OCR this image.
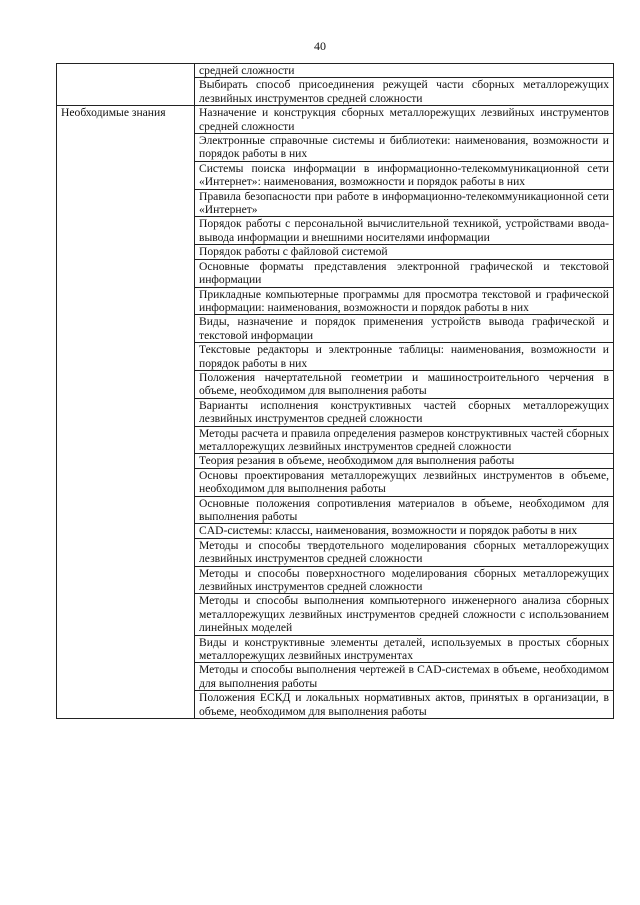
40
	средней сложности
	Выбирать способ присоединения режущей части сборных металлорежущих лезвийных инструментов средней сложности
Необходимые знания	Назначение и конструкция сборных металлорежущих лезвийных инструментов средней сложности
	Электронные справочные системы и библиотеки: наименования, возможности и порядок работы в них
	Системы поиска информации в информационно-телекоммуникационной сети «Интернет»: наименования, возможности и порядок работы в них
	Правила безопасности при работе в информационно-телекоммуникационной сети «Интернет»
	Порядок работы с персональной вычислительной техникой, устройствами ввода-вывода информации и внешними носителями информации
	Порядок работы с файловой системой
	Основные форматы представления электронной графической и текстовой информации
	Прикладные компьютерные программы для просмотра текстовой и графической информации: наименования, возможности и порядок работы в них
	Виды, назначение и порядок применения устройств вывода графической и текстовой информации
	Текстовые редакторы и электронные таблицы: наименования, возможности и порядок работы в них
	Положения начертательной геометрии и машиностроительного черчения в объеме, необходимом для выполнения работы
	Варианты исполнения конструктивных частей сборных металлорежущих лезвийных инструментов средней сложности
	Методы расчета и правила определения размеров конструктивных частей сборных металлорежущих лезвийных инструментов средней сложности
	Теория резания в объеме, необходимом для выполнения работы
	Основы проектирования металлорежущих лезвийных инструментов в объеме, необходимом для выполнения работы
	Основные положения сопротивления материалов в объеме, необходимом для выполнения работы
	CAD-системы: классы, наименования, возможности и порядок работы в них
	Методы и способы твердотельного моделирования сборных металлорежущих лезвийных инструментов средней сложности
	Методы и способы поверхностного моделирования сборных металлорежущих лезвийных инструментов средней сложности
	Методы и способы выполнения компьютерного инженерного анализа сборных металлорежущих лезвийных инструментов средней сложности с использованием линейных моделей
	Виды и конструктивные элементы деталей, используемых в простых сборных металлорежущих лезвийных инструментах
	Методы и способы выполнения чертежей в CAD-системах в объеме, необходимом для выполнения работы
	Положения ЕСКД и локальных нормативных актов, принятых в организации, в объеме, необходимом для выполнения работы
